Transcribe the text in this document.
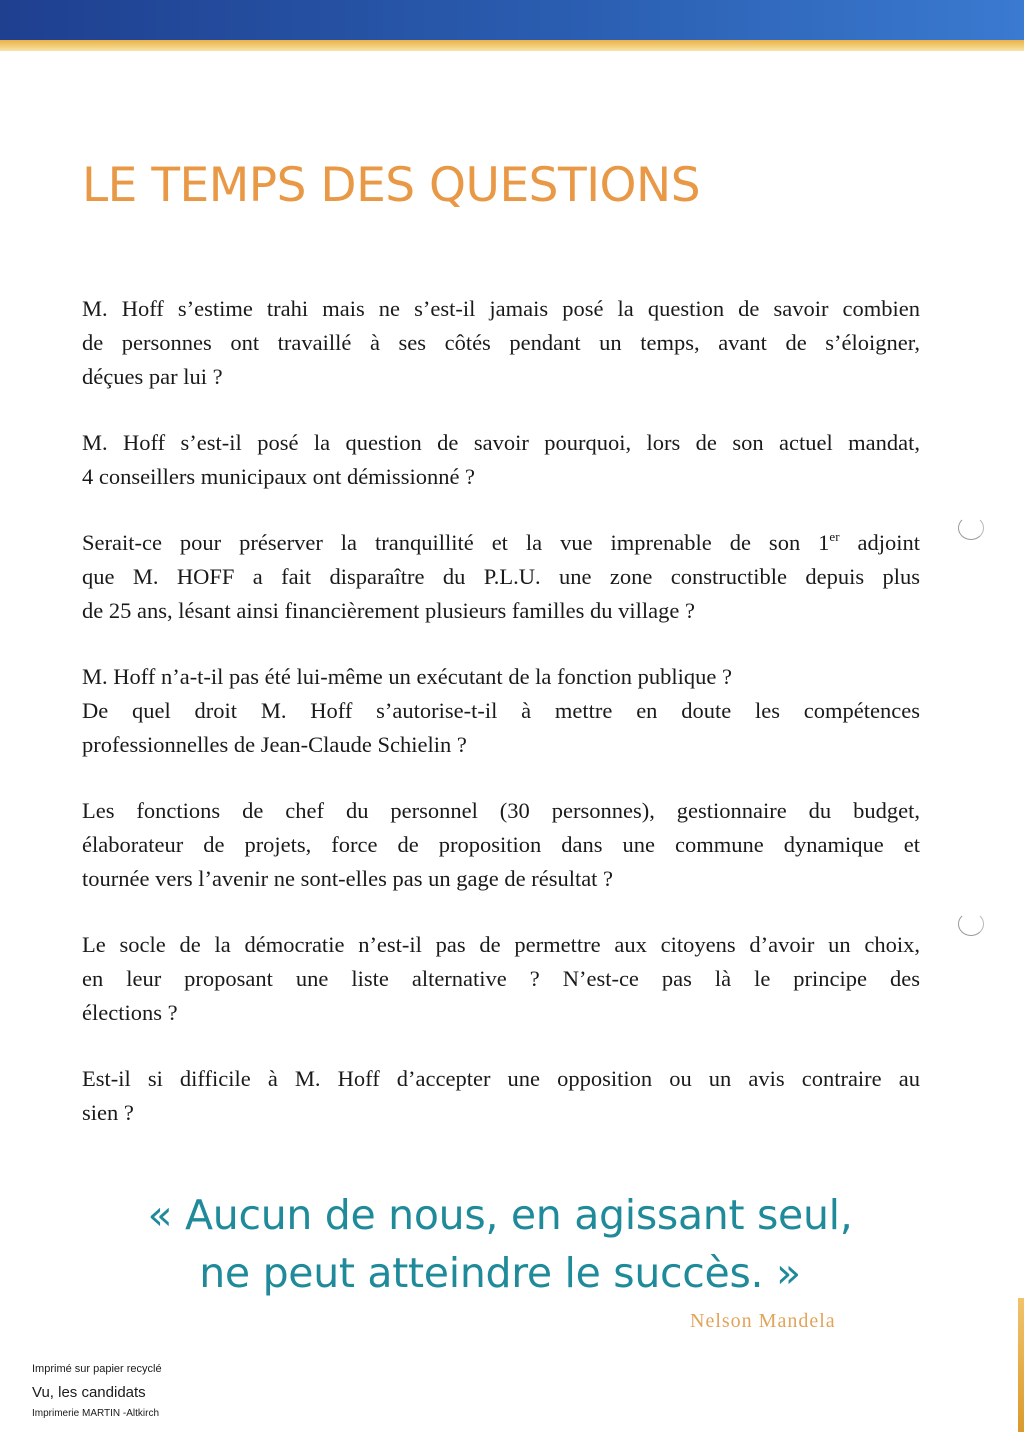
LE TEMPS DES QUESTIONS

M. Hoff s’estime trahi mais ne s’est-il jamais posé la question de savoir combien
de personnes ont travaillé à ses côtés pendant un temps, avant de s’éloigner,
déçues par lui ?

M. Hoff s’est-il posé la question de savoir pourquoi, lors de son actuel mandat,
4 conseillers municipaux ont démissionné ?

Serait-ce pour préserver la tranquillité et la vue imprenable de son 1er adjoint
que M. HOFF a fait disparaître du P.L.U. une zone constructible depuis plus
de 25 ans, lésant ainsi financièrement plusieurs familles du village ?

M. Hoff n’a-t-il pas été lui-même un exécutant de la fonction publique ?
De quel droit M. Hoff s’autorise-t-il à mettre en doute les compétences
professionnelles de Jean-Claude Schielin ?

Les fonctions de chef du personnel (30 personnes), gestionnaire du budget,
élaborateur de projets, force de proposition dans une commune dynamique et
tournée vers l’avenir ne sont-elles pas un gage de résultat ?

Le socle de la démocratie n’est-il pas de permettre aux citoyens d’avoir un choix,
en leur proposant une liste alternative ? N’est-ce pas là le principe des
élections ?

Est-il si difficile à M. Hoff d’accepter une opposition ou un avis contraire au
sien ?

« Aucun de nous, en agissant seul,
ne peut atteindre le succès. »
Nelson Mandela
Imprimé sur papier recyclé
Vu, les candidats
Imprimerie MARTIN -Altkirch
